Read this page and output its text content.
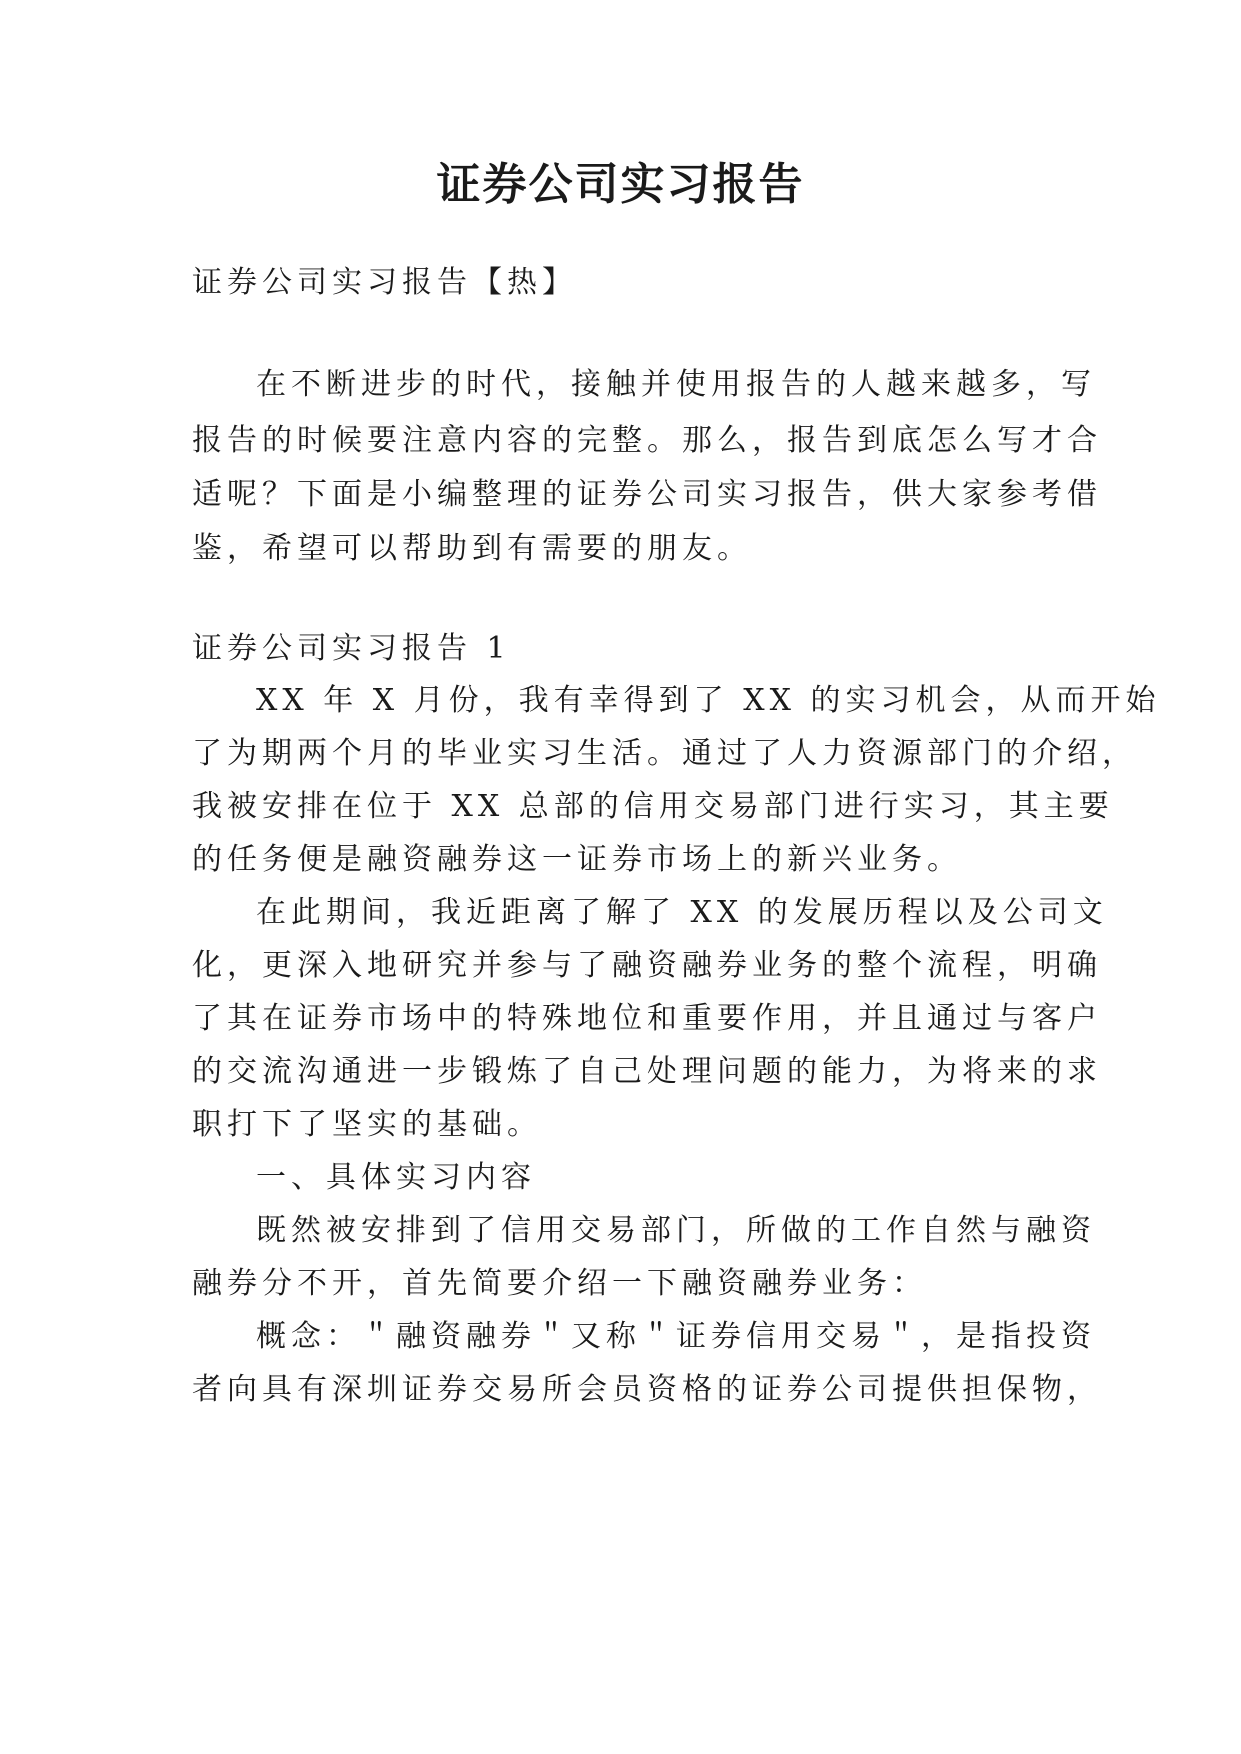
证券公司实习报告

证券公司实习报告【热】

在不断进步的时代，接触并使用报告的人越来越多，写

报告的时候要注意内容的完整。那么，报告到底怎么写才合

适呢？下面是小编整理的证券公司实习报告，供大家参考借

鉴，希望可以帮助到有需要的朋友。

证券公司实习报告 1

XX 年 X 月份，我有幸得到了 XX 的实习机会，从而开始

了为期两个月的毕业实习生活。通过了人力资源部门的介绍，

我被安排在位于 XX 总部的信用交易部门进行实习，其主要

的任务便是融资融券这一证券市场上的新兴业务。

在此期间，我近距离了解了 XX 的发展历程以及公司文

化，更深入地研究并参与了融资融券业务的整个流程，明确

了其在证券市场中的特殊地位和重要作用，并且通过与客户

的交流沟通进一步锻炼了自己处理问题的能力，为将来的求

职打下了坚实的基础。

一、具体实习内容

既然被安排到了信用交易部门，所做的工作自然与融资

融券分不开，首先简要介绍一下融资融券业务：

概念：＂融资融券＂又称＂证券信用交易＂，是指投资

者向具有深圳证券交易所会员资格的证券公司提供担保物，
